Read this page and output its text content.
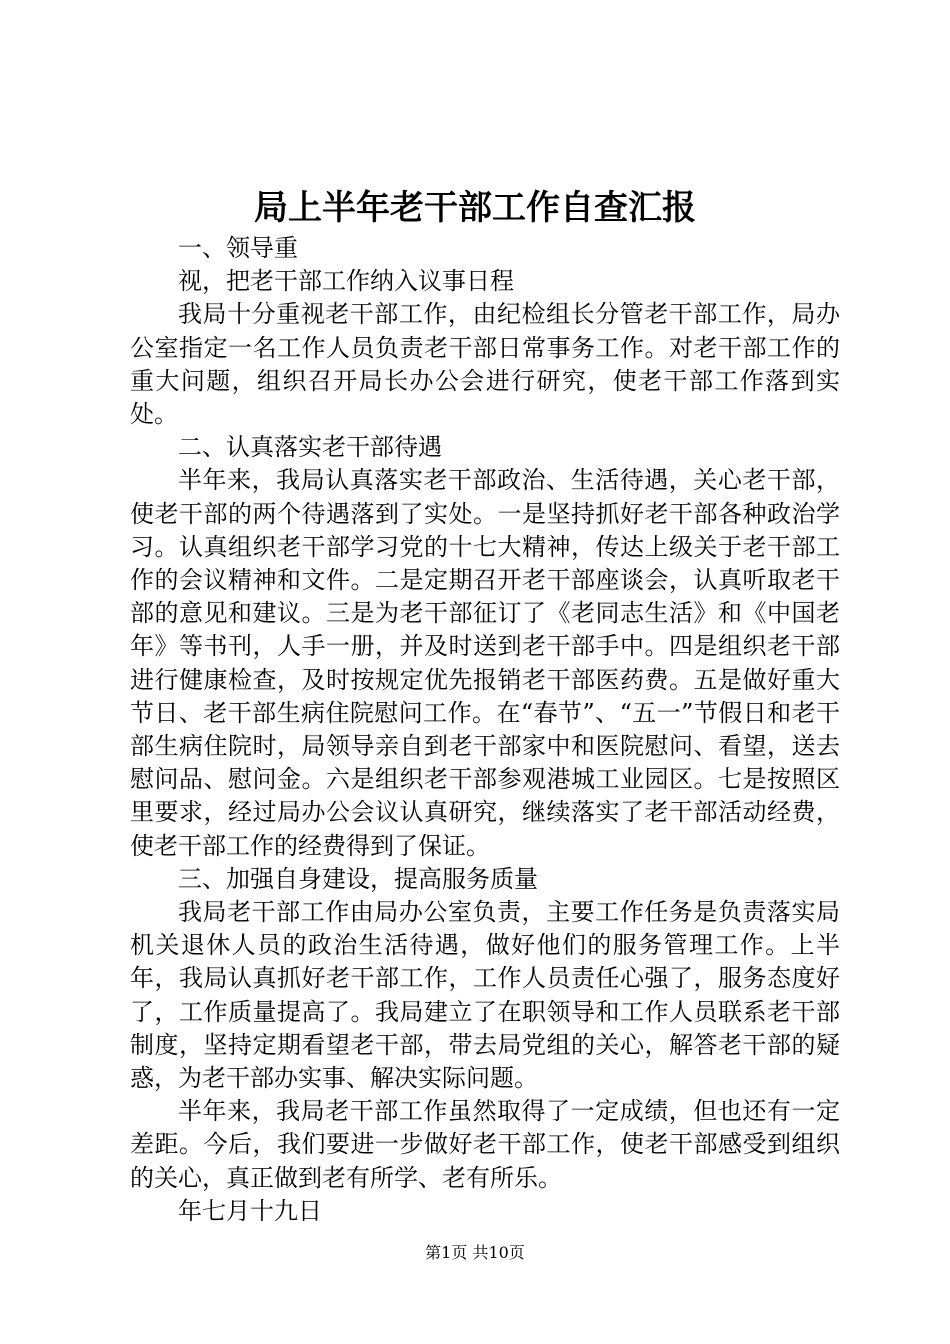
局上半年老干部工作自查汇报

一、领导重

视，把老干部工作纳入议事日程

我局十分重视老干部工作，由纪检组长分管老干部工作，局办公室指定一名工作人员负责老干部日常事务工作。对老干部工作的重大问题，组织召开局长办公会进行研究，使老干部工作落到实处。

二、认真落实老干部待遇

半年来，我局认真落实老干部政治、生活待遇，关心老干部，使老干部的两个待遇落到了实处。一是坚持抓好老干部各种政治学习。认真组织老干部学习党的十七大精神，传达上级关于老干部工作的会议精神和文件。二是定期召开老干部座谈会，认真听取老干部的意见和建议。三是为老干部征订了《老同志生活》和《中国老年》等书刊，人手一册，并及时送到老干部手中。四是组织老干部进行健康检查，及时按规定优先报销老干部医药费。五是做好重大节日、老干部生病住院慰问工作。在“春节”、“五一”节假日和老干部生病住院时，局领导亲自到老干部家中和医院慰问、看望，送去慰问品、慰问金。六是组织老干部参观港城工业园区。七是按照区里要求，经过局办公会议认真研究，继续落实了老干部活动经费，使老干部工作的经费得到了保证。

三、加强自身建设，提高服务质量

我局老干部工作由局办公室负责，主要工作任务是负责落实局机关退休人员的政治生活待遇，做好他们的服务管理工作。上半年，我局认真抓好老干部工作，工作人员责任心强了，服务态度好了，工作质量提高了。我局建立了在职领导和工作人员联系老干部制度，坚持定期看望老干部，带去局党组的关心，解答老干部的疑惑，为老干部办实事、解决实际问题。

半年来，我局老干部工作虽然取得了一定成绩，但也还有一定差距。今后，我们要进一步做好老干部工作，使老干部感受到组织的关心，真正做到老有所学、老有所乐。

年七月十九日

第1页 共10页
